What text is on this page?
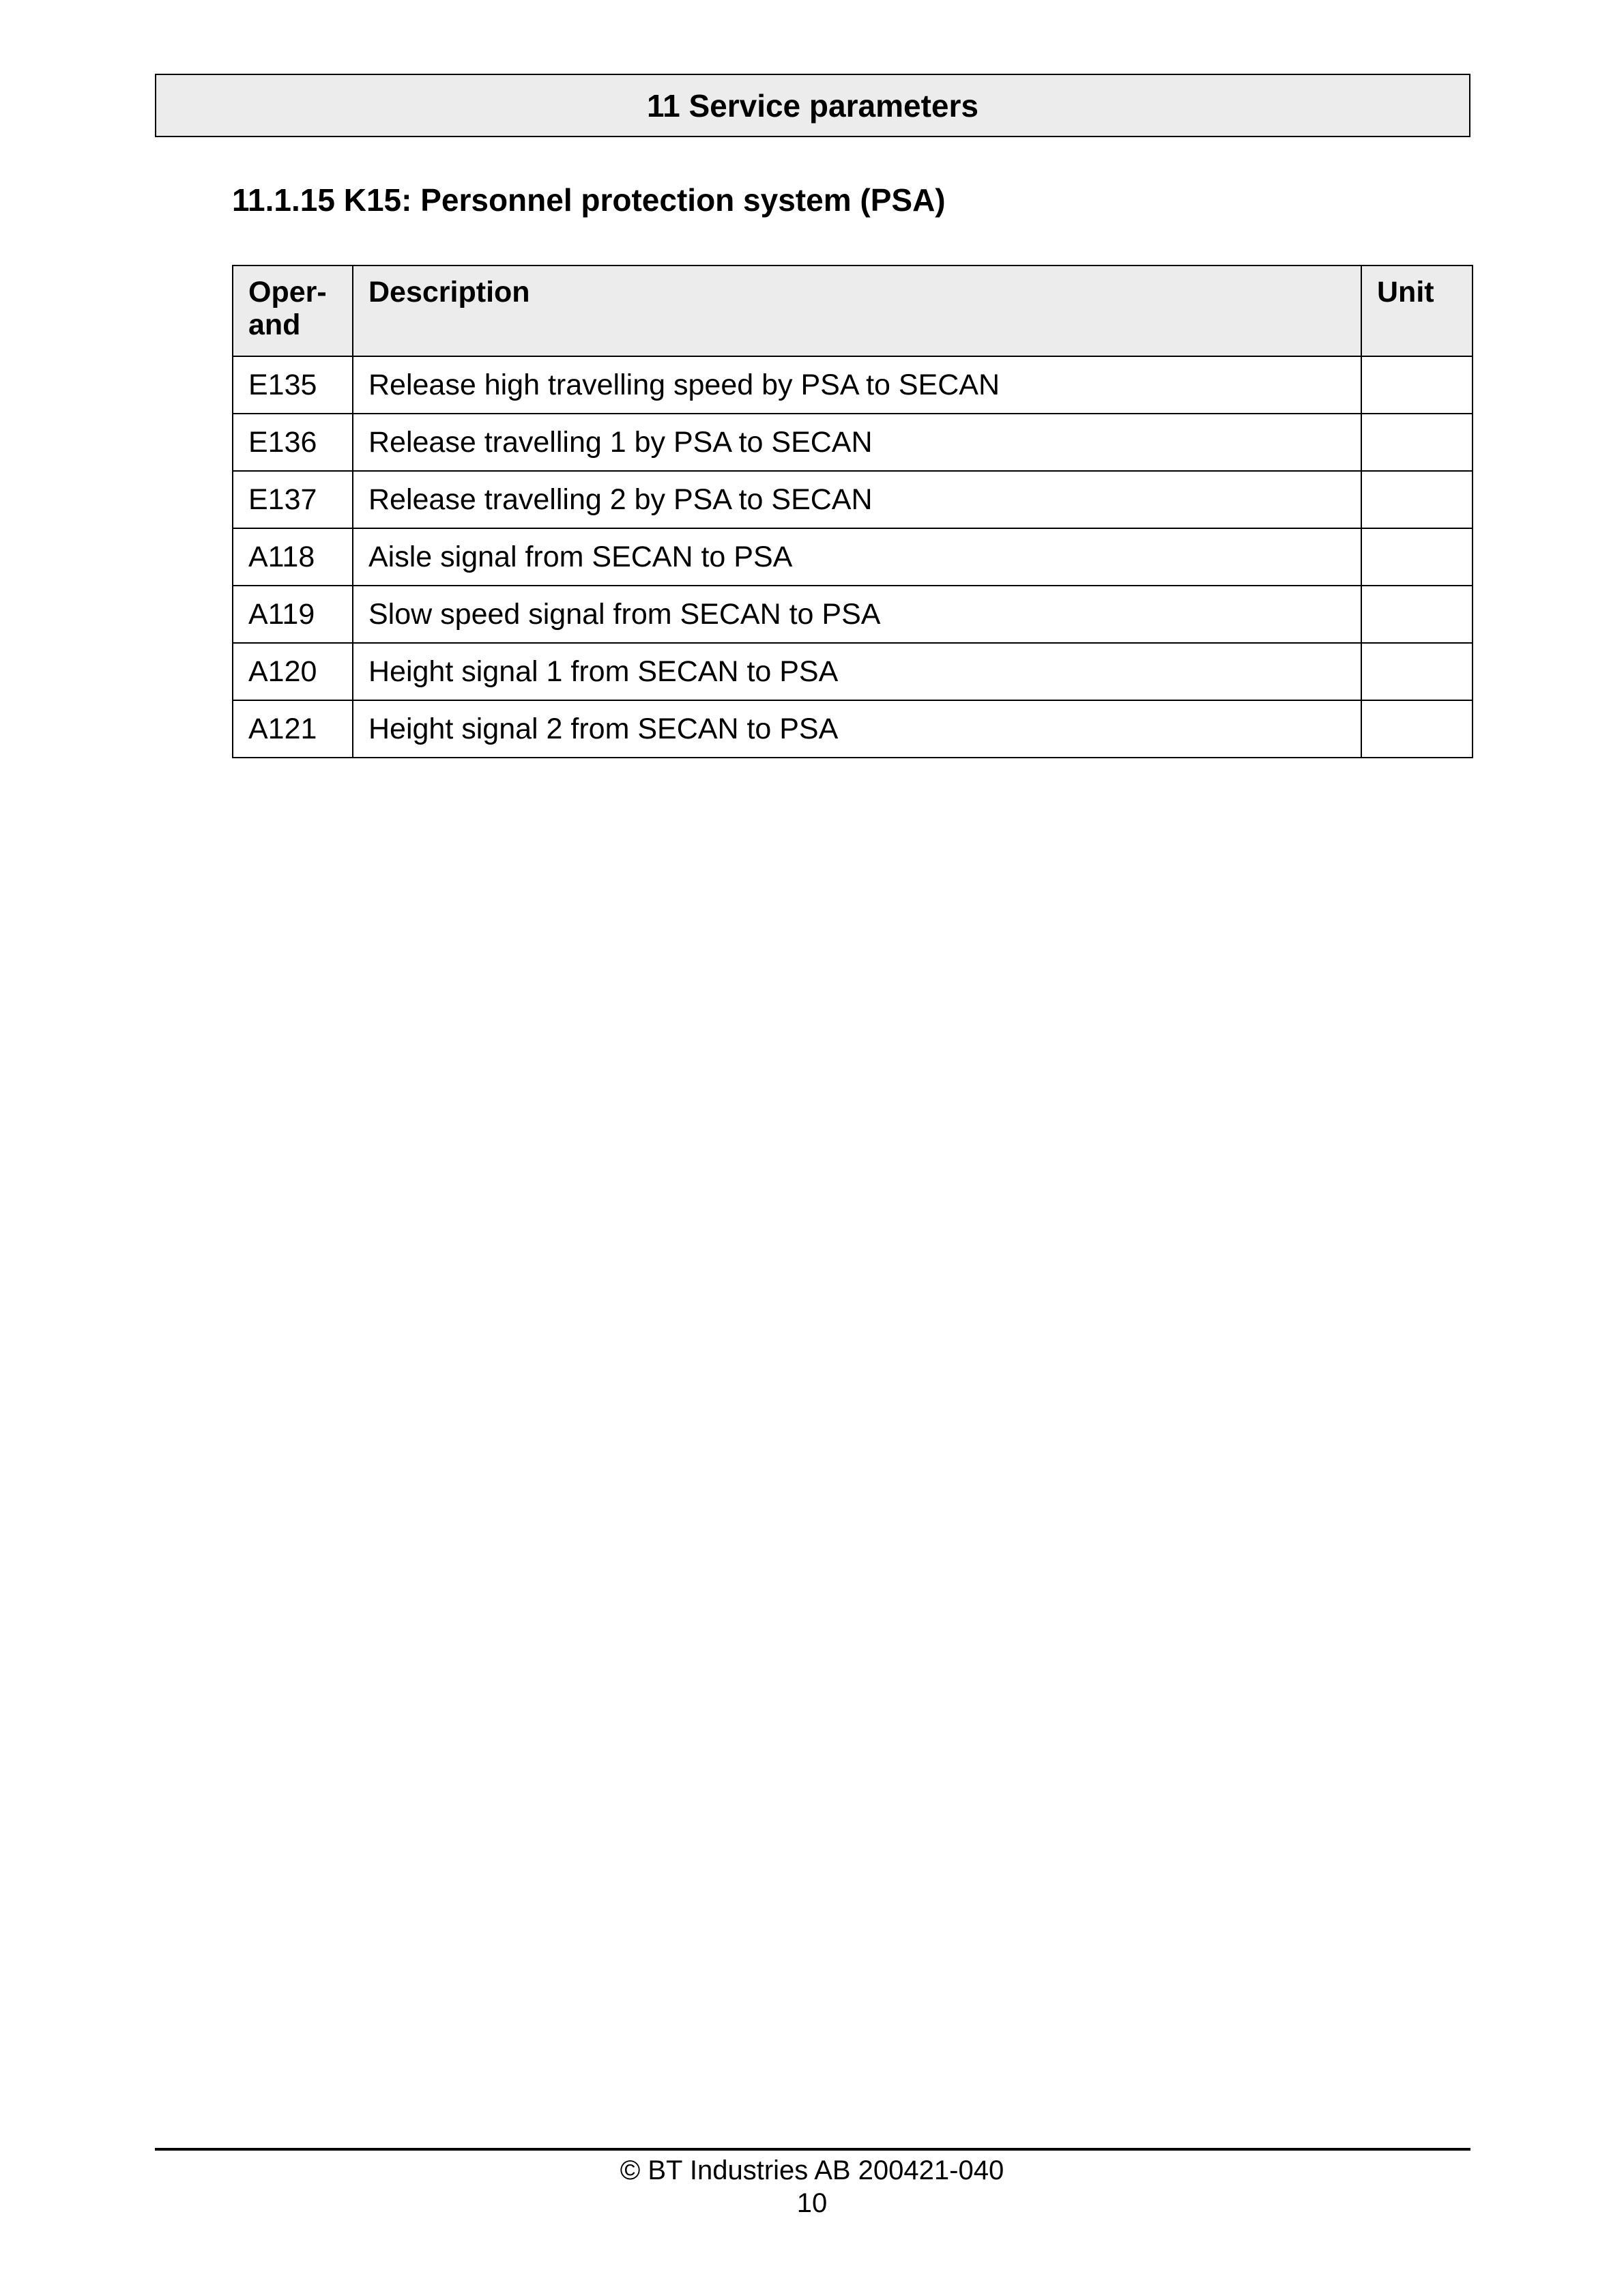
11 Service parameters
11.1.15 K15: Personnel protection system (PSA)
Oper-
and	Description	Unit
E135	Release high travelling speed by PSA to SECAN	
E136	Release travelling 1 by PSA to SECAN	
E137	Release travelling 2 by PSA to SECAN	
A118	Aisle signal from SECAN to PSA	
A119	Slow speed signal from SECAN to PSA	
A120	Height signal 1 from SECAN to PSA	
A121	Height signal 2 from SECAN to PSA	
© BT Industries AB 200421-040
10
